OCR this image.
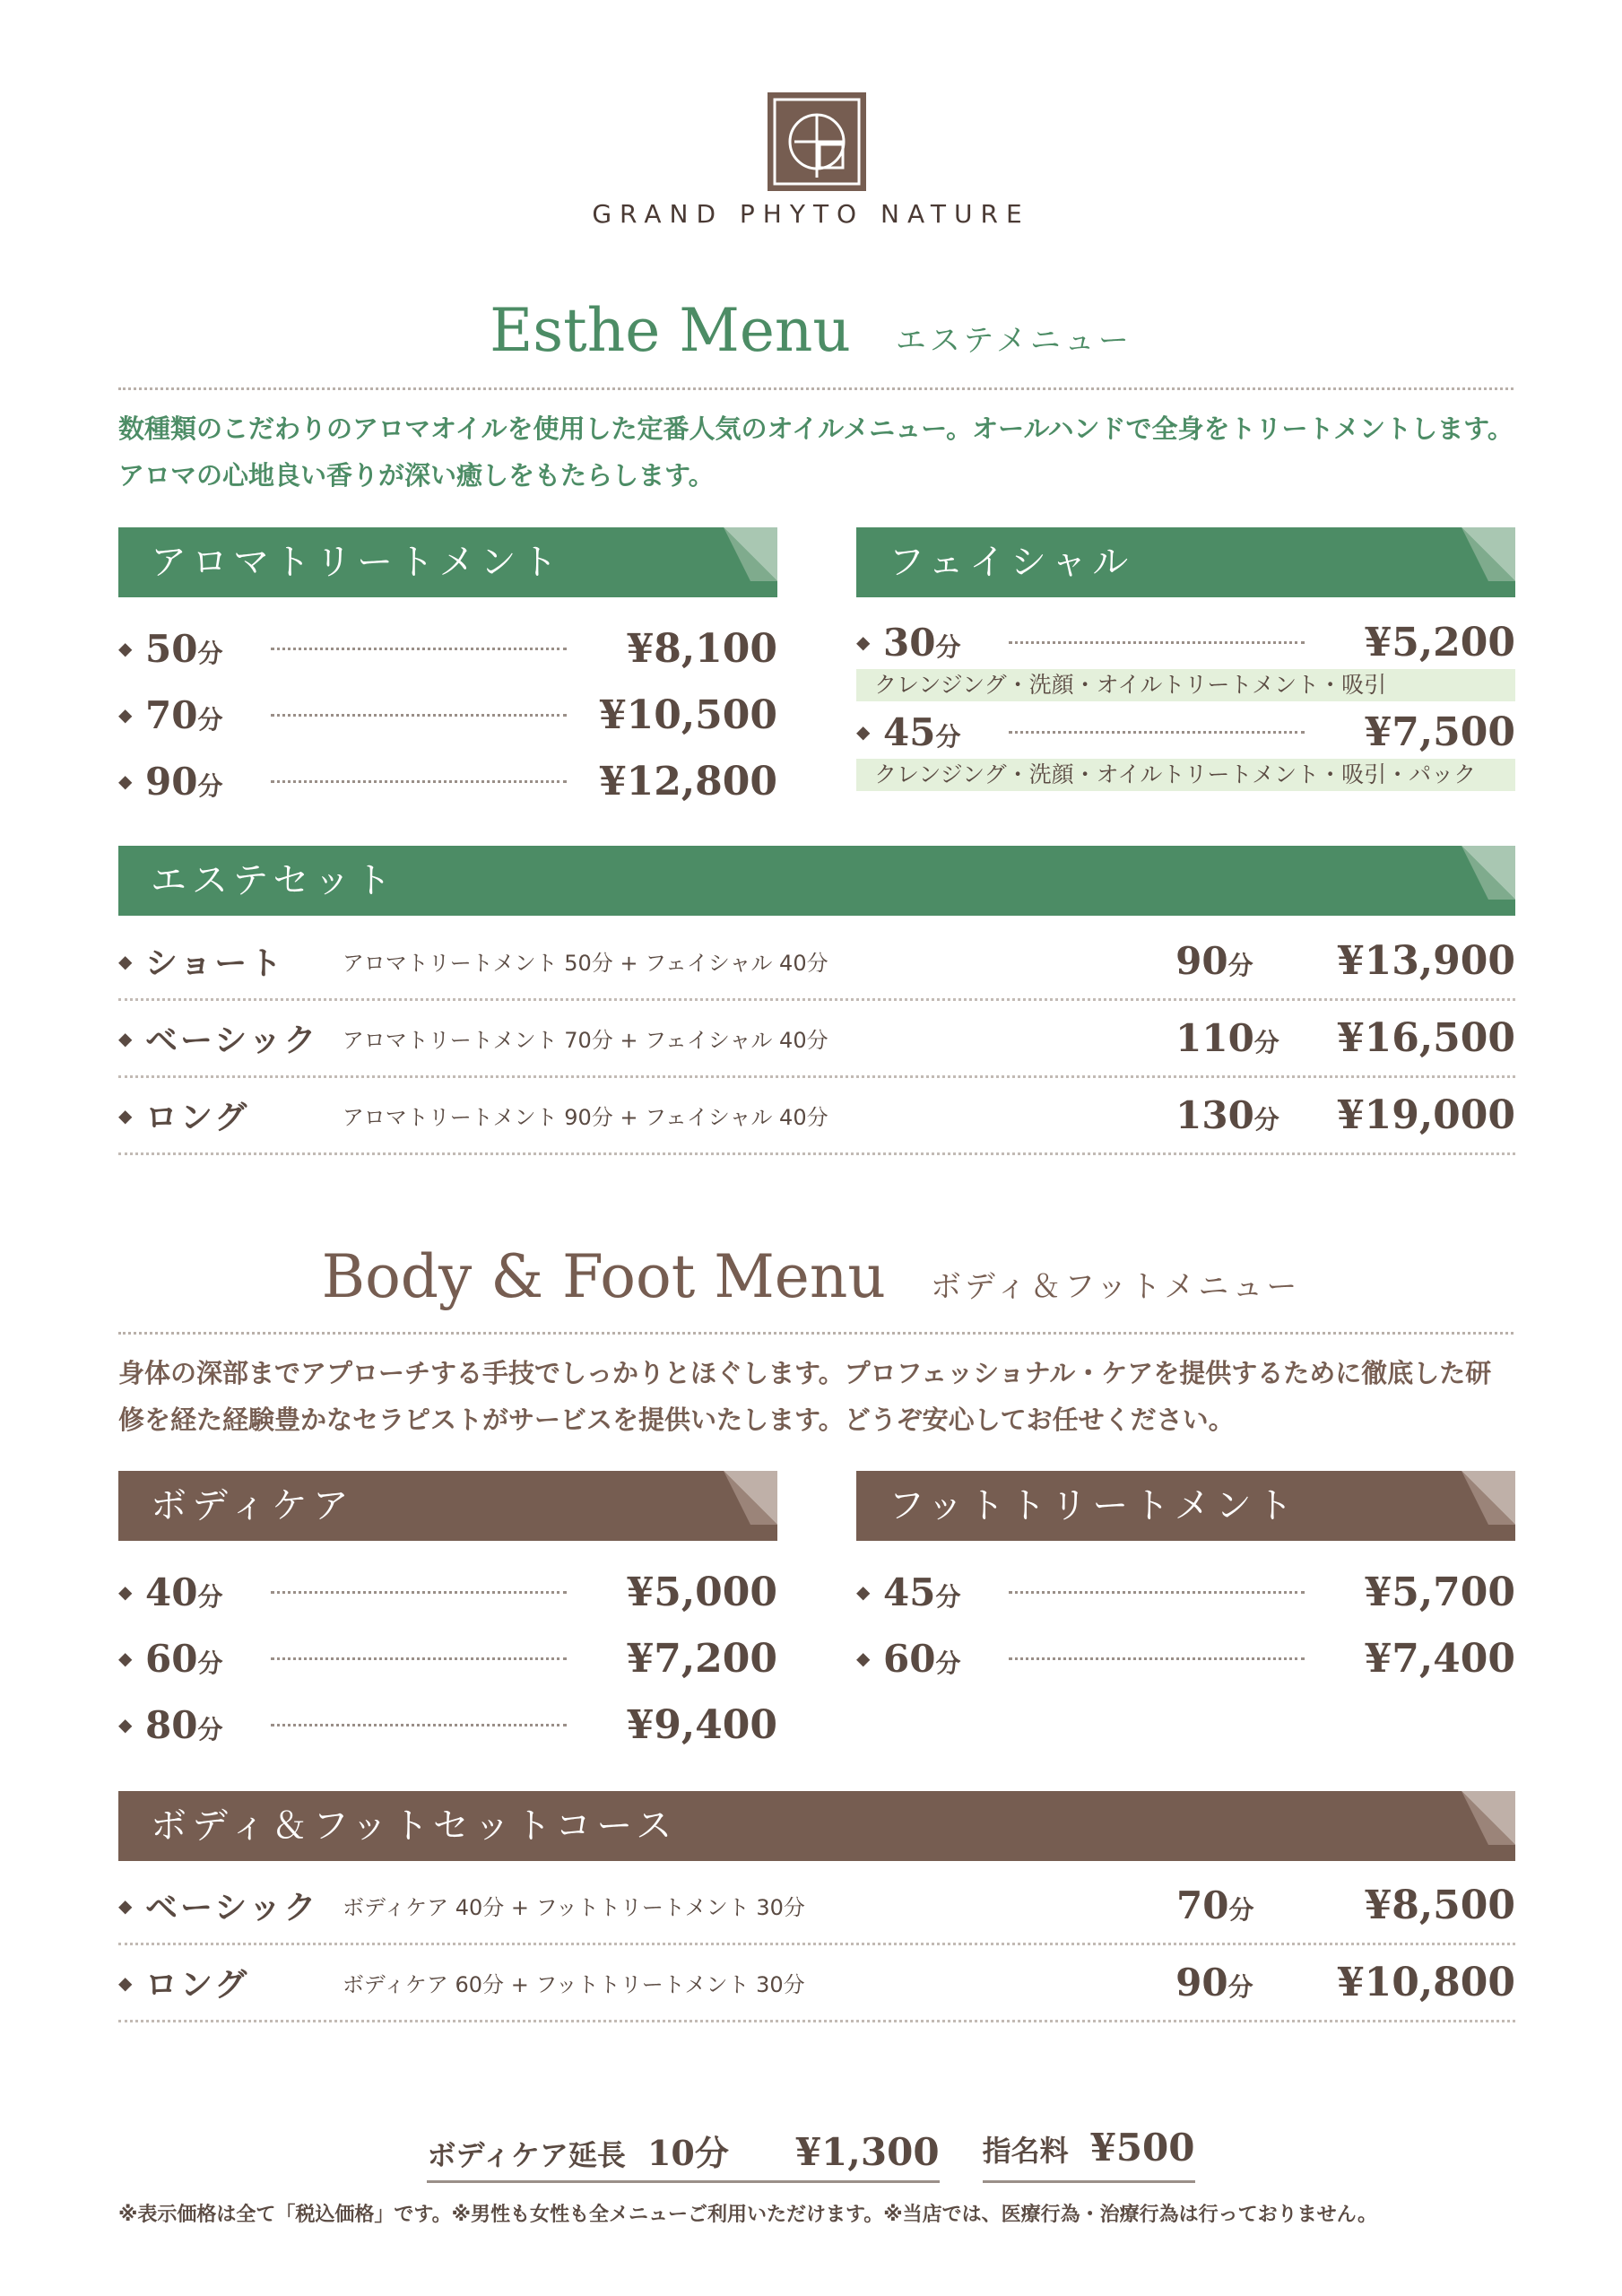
GRAND PHYTO NATURE
Esthe Menu エステメニュー
数種類のこだわりのアロマオイルを使用した定番人気のオイルメニュー。オールハンドで全身をトリートメントします。アロマの心地良い香りが深い癒しをもたらします。
アロマトリートメント
◆ 50分	¥8,100
◆ 70分	¥10,500
◆ 90分	¥12,800
フェイシャル
◆ 30分	¥5,200
クレンジング・洗顔・オイルトリートメント・吸引
◆ 45分	¥7,500
クレンジング・洗顔・オイルトリートメント・吸引・パック
エステセット
◆ ショート	アロマトリートメント 50分 + フェイシャル 40分	90分	¥13,900
◆ ベーシック	アロマトリートメント 70分 + フェイシャル 40分	110分	¥16,500
◆ ロング	アロマトリートメント 90分 + フェイシャル 40分	130分	¥19,000
Body & Foot Menu ボディ＆フットメニュー
身体の深部までアプローチする手技でしっかりとほぐします。プロフェッショナル・ケアを提供するために徹底した研修を経た経験豊かなセラピストがサービスを提供いたします。どうぞ安心してお任せください。
ボディケア
◆ 40分	¥5,000
◆ 60分	¥7,200
◆ 80分	¥9,400
フットトリートメント
◆ 45分	¥5,700
◆ 60分	¥7,400
ボディ＆フットセットコース
◆ ベーシック	ボディケア 40分 + フットトリートメント 30分	70分	¥8,500
◆ ロング	ボディケア 60分 + フットトリートメント 30分	90分	¥10,800
ボディケア延長 10分 ¥1,300 指名料 ¥500
※表示価格は全て「税込価格」です。※男性も女性も全メニューご利用いただけます。※当店では、医療行為・治療行為は行っておりません。
